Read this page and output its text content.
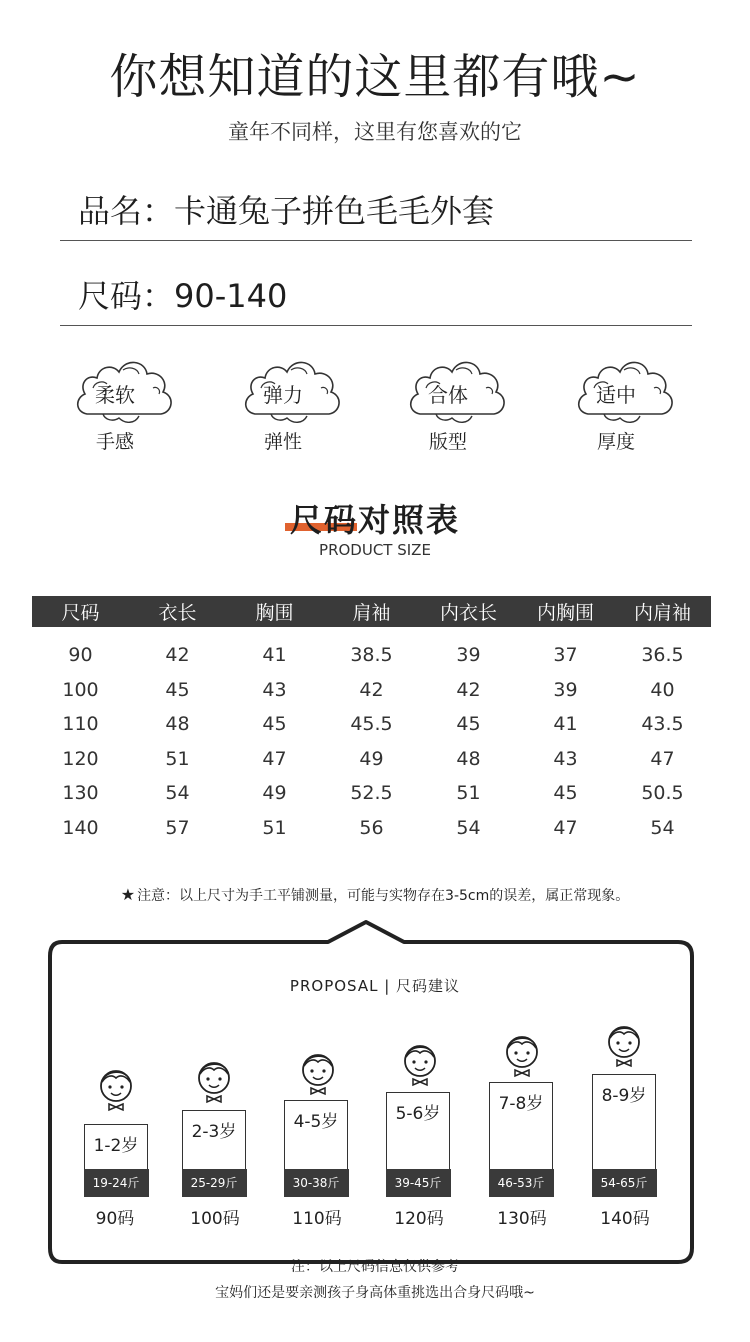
你想知道的这里都有哦~
童年不同样，这里有您喜欢的它
品名：卡通兔子拼色毛毛外套
尺码：90-140
柔软
手感
弹力
弹性
合体
版型
适中
厚度
尺码对照表
PRODUCT SIZE
尺码	衣长	胸围	肩袖	内衣长	内胸围	内肩袖

90	42	41	38.5	39	37	36.5
100	45	43	42	42	39	40
110	48	45	45.5	45	41	43.5
120	51	47	49	48	43	47
130	54	49	52.5	51	45	50.5
140	57	51	56	54	47	54
★ 注意：以上尺寸为手工平铺测量，可能与实物存在3-5cm的误差，属正常现象。
PROPOSAL | 尺码建议
1-2岁
19-24斤
90码
2-3岁
25-29斤
100码
4-5岁
30-38斤
110码
5-6岁
39-45斤
120码
7-8岁
46-53斤
130码
8-9岁
54-65斤
140码
注：以上尺码信息仅供参考
宝妈们还是要亲测孩子身高体重挑选出合身尺码哦~
